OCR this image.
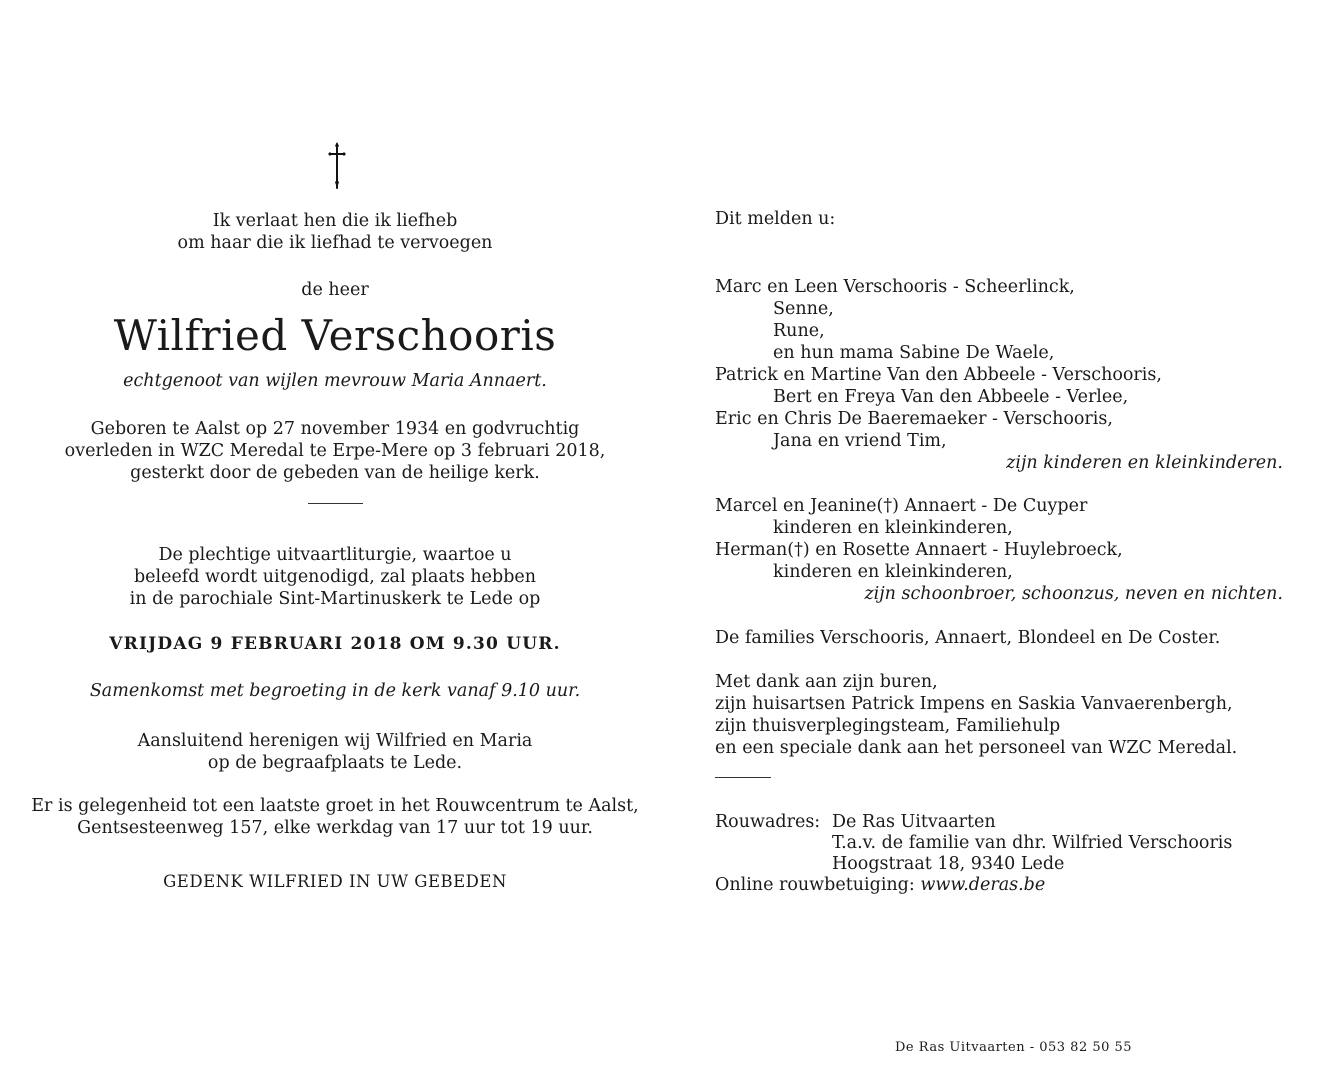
Ik verlaat hen die ik liefheb
om haar die ik liefhad te vervoegen
de heer
Wilfried Verschooris
echtgenoot van wijlen mevrouw Maria Annaert.
Geboren te Aalst op 27 november 1934 en godvruchtig
overleden in WZC Meredal te Erpe-Mere op 3 februari 2018,
gesterkt door de gebeden van de heilige kerk.
De plechtige uitvaartliturgie, waartoe u
beleefd wordt uitgenodigd, zal plaats hebben
in de parochiale Sint-Martinuskerk te Lede op
VRIJDAG 9 FEBRUARI 2018 OM 9.30 UUR.
Samenkomst met begroeting in de kerk vanaf 9.10 uur.
Aansluitend herenigen wij Wilfried en Maria
op de begraafplaats te Lede.
Er is gelegenheid tot een laatste groet in het Rouwcentrum te Aalst,
Gentsesteenweg 157, elke werkdag van 17 uur tot 19 uur.
GEDENK WILFRIED IN UW GEBEDEN
Dit melden u:
Marc en Leen Verschooris - Scheerlinck,
Senne,
Rune,
en hun mama Sabine De Waele,
Patrick en Martine Van den Abbeele - Verschooris,
Bert en Freya Van den Abbeele - Verlee,
Eric en Chris De Baeremaeker - Verschooris,
Jana en vriend Tim,
zijn kinderen en kleinkinderen.
Marcel en Jeanine(†) Annaert - De Cuyper
kinderen en kleinkinderen,
Herman(†) en Rosette Annaert - Huylebroeck,
kinderen en kleinkinderen,
zijn schoonbroer, schoonzus, neven en nichten.
De families Verschooris, Annaert, Blondeel en De Coster.
Met dank aan zijn buren,
zijn huisartsen Patrick Impens en Saskia Vanvaerenbergh,
zijn thuisverplegingsteam, Familiehulp
en een speciale dank aan het personeel van WZC Meredal.
Rouwadres: De Ras Uitvaarten
T.a.v. de familie van dhr. Wilfried Verschooris
Hoogstraat 18, 9340 Lede
Online rouwbetuiging: www.deras.be
De Ras Uitvaarten - 053 82 50 55
